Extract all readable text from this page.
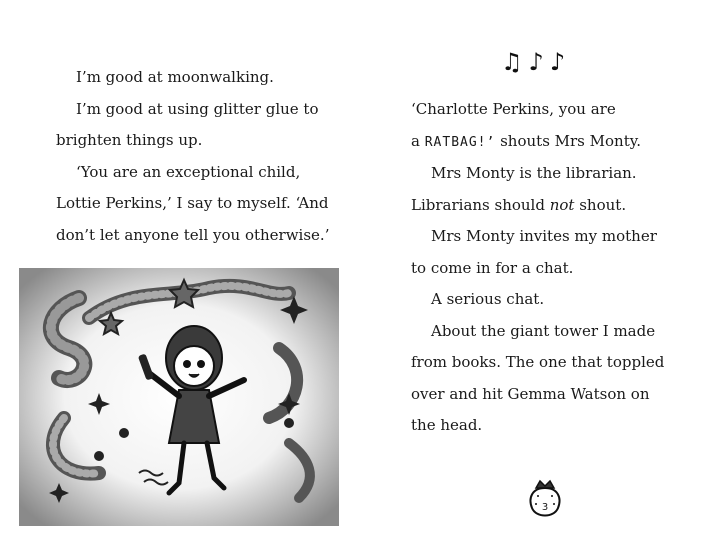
I’m good at moonwalking.
I’m good at using glitter glue to
brighten things up.
‘You are an exceptional child,
Lottie Perkins,’ I say to myself. ‘And
don’t let anyone tell you otherwise.’
♫♪♪
‘Charlotte Perkins, you are
a RATBAG!’ shouts Mrs Monty.
Mrs Monty is the librarian.
Librarians should not shout.
Mrs Monty invites my mother
to come in for a chat.
A serious chat.
About the giant tower I made
from books. The one that toppled
over and hit Gemma Watson on
the head.
3
